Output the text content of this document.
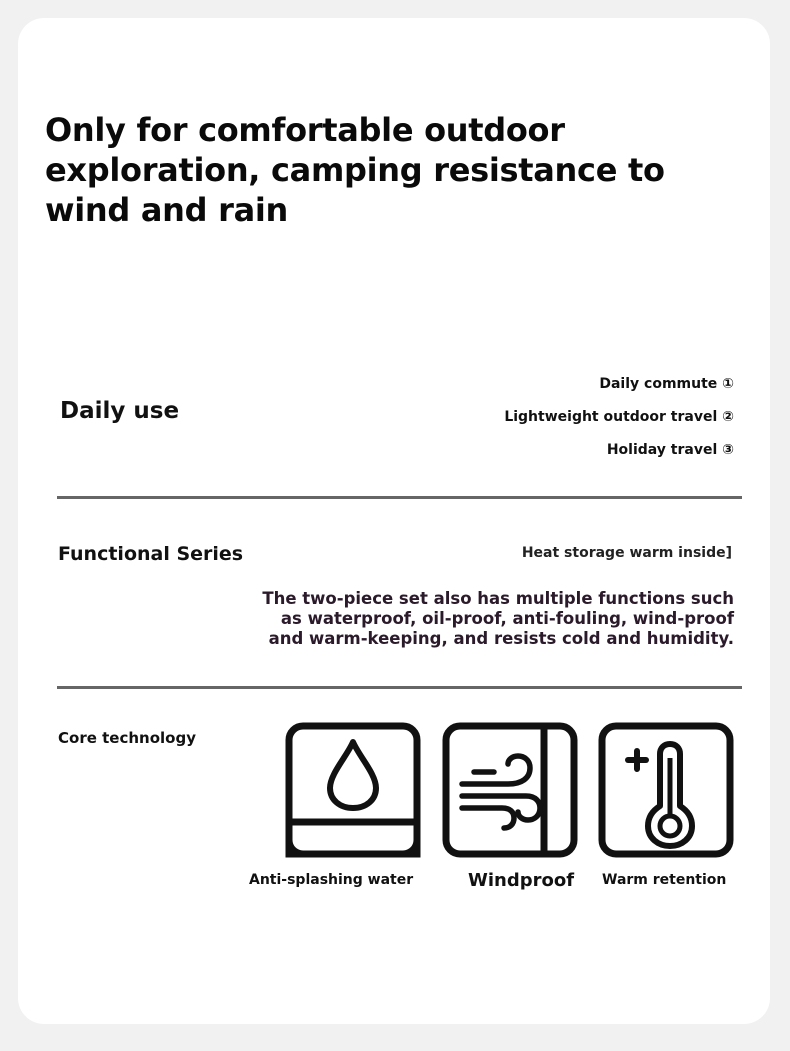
Only for comfortable outdoor exploration, camping resistance to wind and rain
Daily use
Daily commute ①
Lightweight outdoor travel ②
Holiday travel ③
Functional Series	Heat storage warm inside]

The two-piece set also has multiple functions such as waterproof, oil-proof, anti-fouling, wind-proof and warm-keeping, and resists cold and humidity.

Core technology
Anti-splashing water	Windproof Warm retention
